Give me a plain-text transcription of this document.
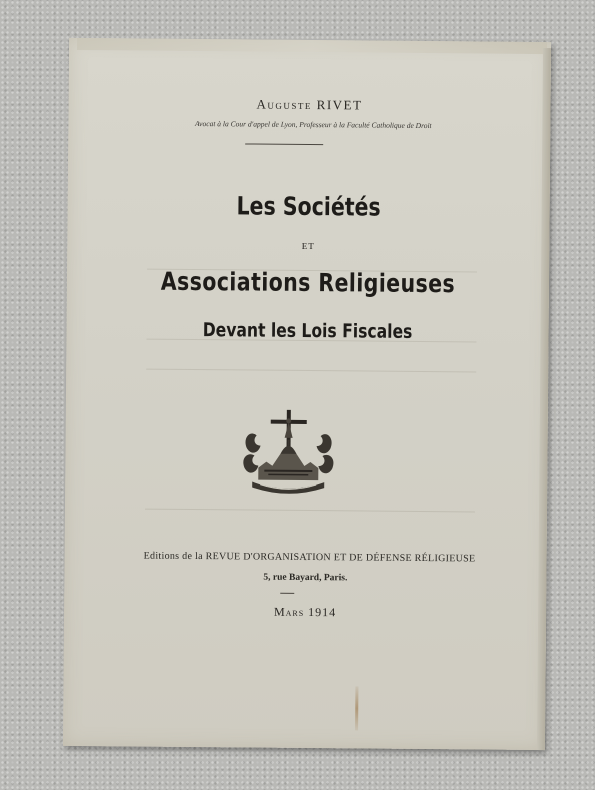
Auguste RIVET
Avocat à la Cour d'appel de Lyon, Professeur à la Faculté Catholique de Droit
Les Sociétés
ET
Associations Religieuses
Devant les Lois Fiscales
Editions de la REVUE D'ORGANISATION ET DE DÉFENSE RÉLIGIEUSE
5, rue Bayard, Paris.
Mars 1914
